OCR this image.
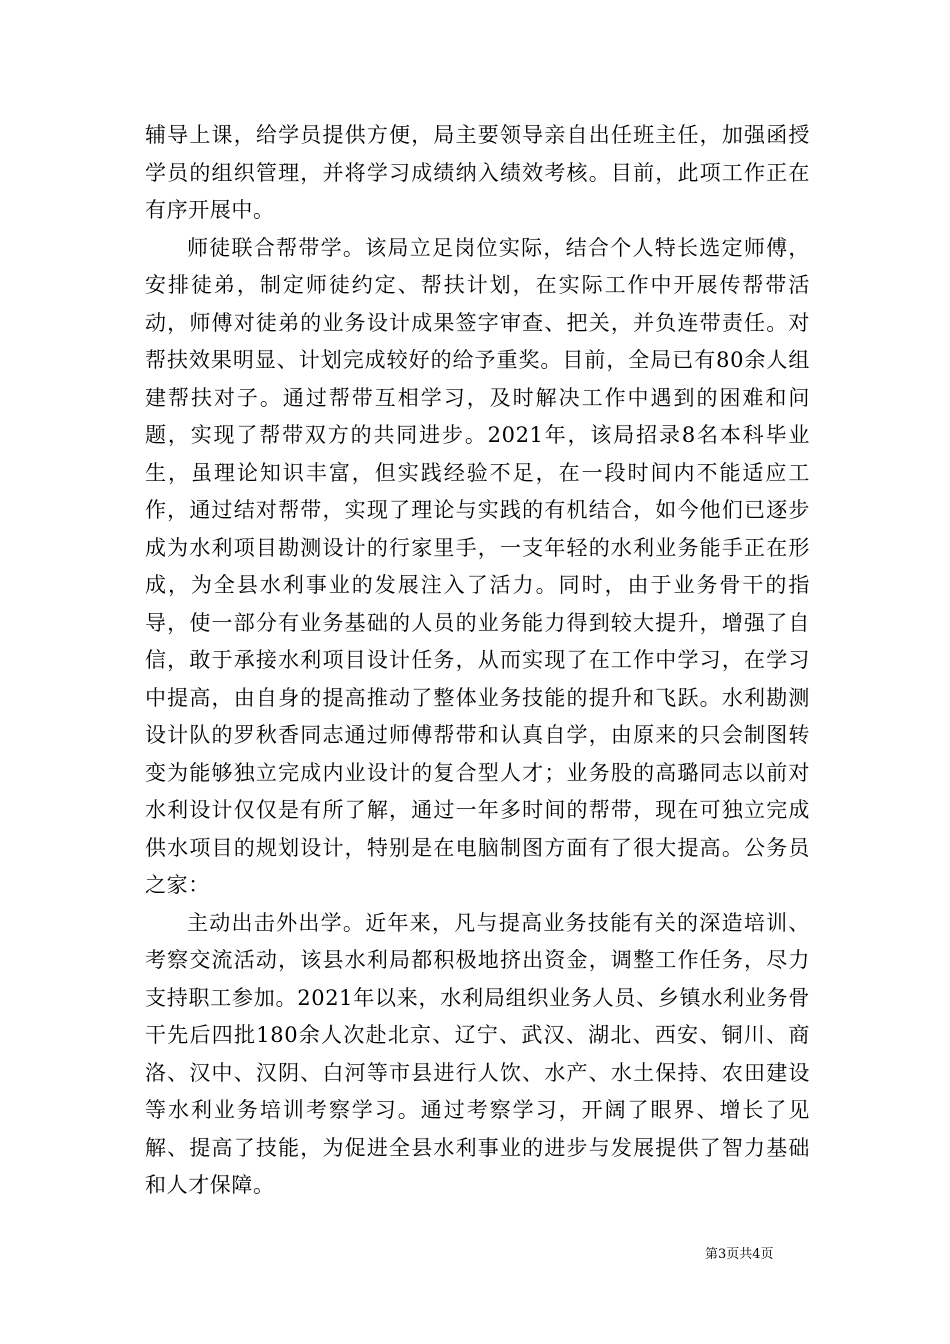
辅导上课，给学员提供方便，局主要领导亲自出任班主任，加强函授学员的组织管理，并将学习成绩纳入绩效考核。目前，此项工作正在有序开展中。

师徒联合帮带学。该局立足岗位实际，结合个人特长选定师傅，安排徒弟，制定师徒约定、帮扶计划，在实际工作中开展传帮带活动，师傅对徒弟的业务设计成果签字审查、把关，并负连带责任。对帮扶效果明显、计划完成较好的给予重奖。目前，全局已有80余人组建帮扶对子。通过帮带互相学习，及时解决工作中遇到的困难和问题，实现了帮带双方的共同进步。2021年，该局招录8名本科毕业生，虽理论知识丰富，但实践经验不足，在一段时间内不能适应工作，通过结对帮带，实现了理论与实践的有机结合，如今他们已逐步成为水利项目勘测设计的行家里手，一支年轻的水利业务能手正在形成，为全县水利事业的发展注入了活力。同时，由于业务骨干的指导，使一部分有业务基础的人员的业务能力得到较大提升，增强了自信，敢于承接水利项目设计任务，从而实现了在工作中学习，在学习中提高，由自身的提高推动了整体业务技能的提升和飞跃。水利勘测设计队的罗秋香同志通过师傅帮带和认真自学，由原来的只会制图转变为能够独立完成内业设计的复合型人才；业务股的高璐同志以前对水利设计仅仅是有所了解，通过一年多时间的帮带，现在可独立完成供水项目的规划设计，特别是在电脑制图方面有了很大提高。公务员之家：

主动出击外出学。近年来，凡与提高业务技能有关的深造培训、考察交流活动，该县水利局都积极地挤出资金，调整工作任务，尽力支持职工参加。2021年以来，水利局组织业务人员、乡镇水利业务骨干先后四批180余人次赴北京、辽宁、武汉、湖北、西安、铜川、商洛、汉中、汉阴、白河等市县进行人饮、水产、水土保持、农田建设等水利业务培训考察学习。通过考察学习，开阔了眼界、增长了见解、提高了技能，为促进全县水利事业的进步与发展提供了智力基础和人才保障。

第3页共4页
